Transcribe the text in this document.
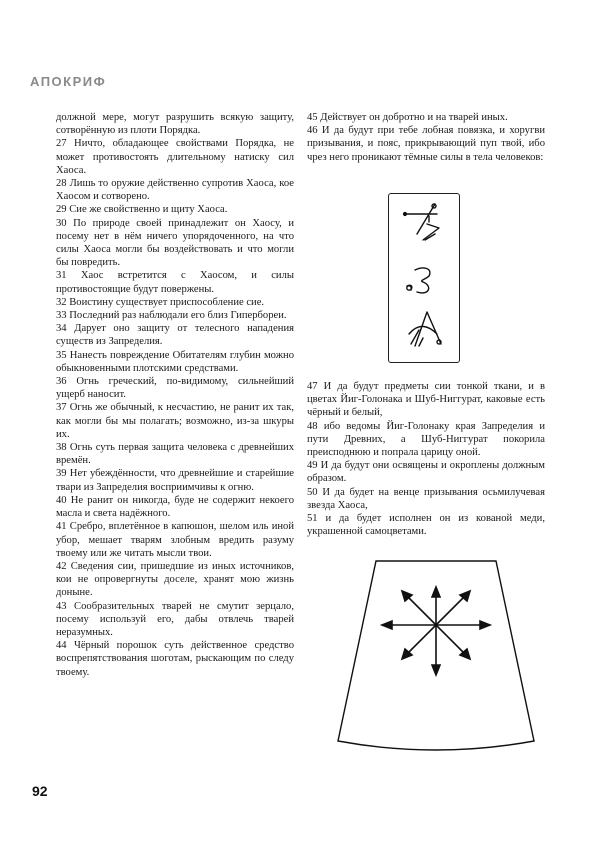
АПОКРИФ

должной мере, могут разрушить всякую защиту, сотворённую из плоти Порядка.

27 Ничто, обладающее свойствами Порядка, не может противостоять длительному натиску сил Хаоса.

28 Лишь то оружие действенно супротив Хаоса, кое Хаосом и сотворено.

29 Сие же свойственно и щиту Хаоса.

30 По природе своей принадлежит он Хаосу, и посему нет в нём ничего упорядоченного, на что силы Хаоса могли бы воздействовать и что могли бы повредить.

31 Хаос встретится с Хаосом, и силы противостоящие будут повержены.

32 Воистину существует приспособление сие.

33 Последний раз наблюдали его близ Гипербореи.

34 Дарует оно защиту от телесного нападения существ из Запределия.

35 Нанесть повреждение Обитателям глубин можно обыкновенными плотскими средствами.

36 Огнь греческий, по-видимому, сильнейший ущерб наносит.

37 Огнь же обычный, к несчастию, не ранит их так, как могли бы мы полагать; возможно, из-за шкуры их.

38 Огнь суть первая защита человека с древнейших времён.

39 Нет убеждённости, что древнейшие и старейшие твари из Запределия восприимчивы к огню.

40 Не ранит он никогда, буде не содержит некоего масла и света надёжного.

41 Сребро, вплетённое в капюшон, шелом иль иной убор, мешает тварям злобным вредить разуму твоему или же читать мысли твои.

42 Сведения сии, пришедшие из иных источников, кои не опровергнуты доселе, хранят мою жизнь доныне.

43 Сообразительных тварей не смутит зерцало, посему используй его, дабы отвлечь тварей неразумных.

44 Чёрный порошок суть действенное средство воспрепятствования шоготам, рыскающим по следу твоему.

45 Действует он добротно и на тварей иных.

46 И да будут при тебе лобная повязка, и хоругви призывания, и пояс, прикрывающий пуп твой, ибо чрез него проникают тёмные силы в тела человеков:

47 И да будут предметы сии тонкой ткани, и в цветах Йиг-Голонака и Шуб-Ниггурат, каковые есть чёрный и белый,

48 ибо ведомы Йиг-Голонаку края Запределия и пути Древних, а Шуб-Ниггурат покорила преисподнюю и попрала царицу оной.

49 И да будут они освящены и окроплены должным образом.

50 И да будет на венце призывания осьмилучевая звезда Хаоса,

51 и да будет исполнен он из кованой меди, украшенной самоцветами.

92
